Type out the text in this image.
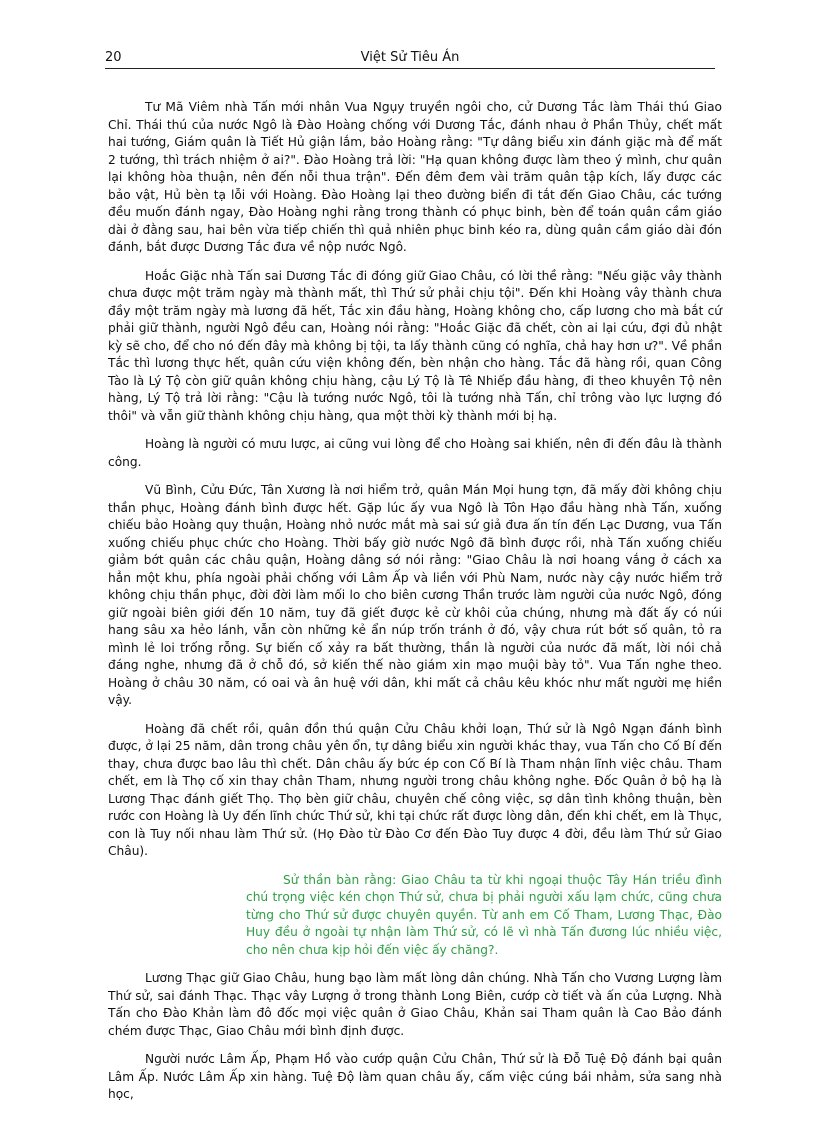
20	Việt Sử Tiêu Án

Tư Mã Viêm nhà Tấn mới nhân Vua Ngụy truyền ngôi cho, cử Dương Tắc làm Thái thú Giao Chỉ. Thái thú của nước Ngô là Đào Hoàng chống với Dương Tắc, đánh nhau ở Phần Thủy, chết mất hai tướng, Giám quân là Tiết Hủ giận lắm, bảo Hoàng rằng: "Tự dâng biểu xin đánh giặc mà để mất 2 tướng, thì trách nhiệm ở ai?". Đào Hoàng trả lời: "Hạ quan không được làm theo ý mình, chư quân lại không hòa thuận, nên đến nỗi thua trận". Đến đêm đem vài trăm quân tập kích, lấy được các bảo vật, Hủ bèn tạ lỗi với Hoàng. Đào Hoàng lại theo đường biển đi tắt đến Giao Châu, các tướng đều muốn đánh ngay, Đào Hoàng nghi rằng trong thành có phục binh, bèn để toán quân cầm giáo dài ở đằng sau, hai bên vừa tiếp chiến thì quả nhiên phục binh kéo ra, dùng quân cầm giáo dài đón đánh, bắt được Dương Tắc đưa về nộp nước Ngô.

Hoắc Giặc nhà Tấn sai Dương Tắc đi đóng giữ Giao Châu, có lời thề rằng: "Nếu giặc vây thành chưa được một trăm ngày mà thành mất, thì Thứ sử phải chịu tội". Đến khi Hoàng vây thành chưa đầy một trăm ngày mà lương đã hết, Tắc xin đầu hàng, Hoàng không cho, cấp lương cho mà bắt cứ phải giữ thành, người Ngô đều can, Hoàng nói rằng: "Hoắc Giặc đã chết, còn ai lại cứu, đợi đủ nhật kỳ sẽ cho, để cho nó đến đây mà không bị tội, ta lấy thành cũng có nghĩa, chả hay hơn ư?". Về phần Tắc thì lương thực hết, quân cứu viện không đến, bèn nhận cho hàng. Tắc đã hàng rồi, quan Công Tào là Lý Tộ còn giữ quân không chịu hàng, cậu Lý Tộ là Tê Nhiếp đầu hàng, đi theo khuyên Tộ nên hàng, Lý Tộ trả lời rằng: "Cậu là tướng nước Ngô, tôi là tướng nhà Tấn, chỉ trông vào lực lượng đó thôi" và vẫn giữ thành không chịu hàng, qua một thời kỳ thành mới bị hạ.

Hoàng là người có mưu lược, ai cũng vui lòng để cho Hoàng sai khiến, nên đi đến đâu là thành công.

Vũ Bình, Cửu Đức, Tân Xương là nơi hiểm trở, quân Mán Mọi hung tợn, đã mấy đời không chịu thần phục, Hoàng đánh bình được hết. Gặp lúc ấy vua Ngô là Tôn Hạo đầu hàng nhà Tấn, xuống chiếu bảo Hoàng quy thuận, Hoàng nhỏ nước mắt mà sai sứ giả đưa ấn tín đến Lạc Dương, vua Tấn xuống chiếu phục chức cho Hoàng. Thời bấy giờ nước Ngô đã bình được rồi, nhà Tấn xuống chiếu giảm bớt quân các châu quận, Hoàng dâng sớ nói rằng: "Giao Châu là nơi hoang vắng ở cách xa hẳn một khu, phía ngoài phải chống với Lâm Ấp và liền với Phù Nam, nước này cậy nước hiểm trở không chịu thần phục, đời đời làm mối lo cho biên cương Thần trước làm người của nước Ngô, đóng giữ ngoài biên giới đến 10 năm, tuy đã giết được kẻ cừ khôi của chúng, nhưng mà đất ấy có núi hang sâu xa hẻo lánh, vẫn còn những kẻ ẩn núp trốn tránh ở đó, vậy chưa rút bớt số quân, tỏ ra mình lẻ loi trống rỗng. Sự biến cố xảy ra bất thường, thần là người của nước đã mất, lời nói chả đáng nghe, nhưng đã ở chỗ đó, sở kiến thế nào giám xin mạo muội bày tỏ". Vua Tấn nghe theo. Hoàng ở châu 30 năm, có oai và ân huệ với dân, khi mất cả châu kêu khóc như mất người mẹ hiền vậy.

Hoàng đã chết rồi, quân đồn thú quận Cửu Châu khởi loạn, Thứ sử là Ngô Ngạn đánh bình được, ở lại 25 năm, dân trong châu yên ổn, tự dâng biểu xin người khác thay, vua Tấn cho Cố Bí đến thay, chưa được bao lâu thì chết. Dân châu ấy bức ép con Cố Bí là Tham nhận lĩnh việc châu. Tham chết, em là Thọ cố xin thay chân Tham, nhưng người trong châu không nghe. Đốc Quân ở bộ hạ là Lương Thạc đánh giết Thọ. Thọ bèn giữ châu, chuyên chế công việc, sợ dân tình không thuận, bèn rước con Hoàng là Uy đến lĩnh chức Thứ sử, khi tại chức rất được lòng dân, đến khi chết, em là Thục, con là Tuy nối nhau làm Thứ sử. (Họ Đào từ Đào Cơ đến Đào Tuy được 4 đời, đều làm Thứ sử Giao Châu).

Sử thần bàn rằng: Giao Châu ta từ khi ngoại thuộc Tây Hán triều đình chú trọng việc kén chọn Thứ sử, chưa bị phải người xấu lạm chức, cũng chưa từng cho Thứ sử được chuyên quyền. Từ anh em Cố Tham, Lương Thạc, Đào Huy đều ở ngoài tự nhận làm Thứ sử, có lẽ vì nhà Tấn đương lúc nhiều việc, cho nên chưa kịp hỏi đến việc ấy chăng?.

Lương Thạc giữ Giao Châu, hung bạo làm mất lòng dân chúng. Nhà Tấn cho Vương Lượng làm Thứ sử, sai đánh Thạc. Thạc vây Lượng ở trong thành Long Biên, cướp cờ tiết và ấn của Lượng. Nhà Tấn cho Đào Khản làm đô đốc mọi việc quân ở Giao Châu, Khản sai Tham quân là Cao Bảo đánh chém được Thạc, Giao Châu mới bình định được.

Người nước Lâm Ấp, Phạm Hồ vào cướp quận Cửu Chân, Thứ sử là Đỗ Tuệ Độ đánh bại quân Lâm Ấp. Nước Lâm Ấp xin hàng. Tuệ Độ làm quan châu ấy, cấm việc cúng bái nhảm, sửa sang nhà học,
